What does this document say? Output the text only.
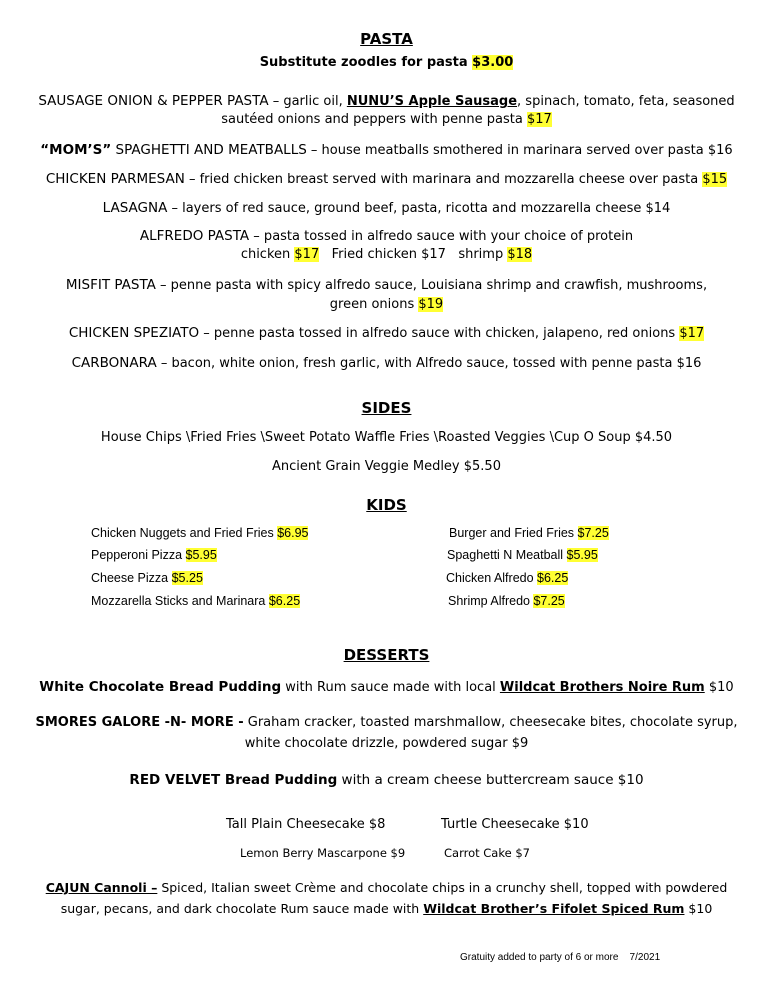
PASTA
Substitute zoodles for pasta $3.00
SAUSAGE ONION & PEPPER PASTA – garlic oil, NUNU’S Apple Sausage, spinach, tomato, feta, seasoned
sautéed onions and peppers with penne pasta $17
“MOM’S” SPAGHETTI AND MEATBALLS – house meatballs smothered in marinara served over pasta $16
CHICKEN PARMESAN – fried chicken breast served with marinara and mozzarella cheese over pasta $15
LASAGNA – layers of red sauce, ground beef, pasta, ricotta and mozzarella cheese $14
ALFREDO PASTA – pasta tossed in alfredo sauce with your choice of protein
chicken $17 Fried chicken $17 shrimp $18
MISFIT PASTA – penne pasta with spicy alfredo sauce, Louisiana shrimp and crawfish, mushrooms,
green onions $19
CHICKEN SPEZIATO – penne pasta tossed in alfredo sauce with chicken, jalapeno, red onions $17
CARBONARA – bacon, white onion, fresh garlic, with Alfredo sauce, tossed with penne pasta $16
SIDES
House Chips \Fried Fries \Sweet Potato Waffle Fries \Roasted Veggies \Cup O Soup $4.50
Ancient Grain Veggie Medley $5.50
KIDS
Chicken Nuggets and Fried Fries $6.95
Pepperoni Pizza $5.95
Cheese Pizza $5.25
Mozzarella Sticks and Marinara $6.25
Burger and Fried Fries $7.25
Spaghetti N Meatball $5.95
Chicken Alfredo $6.25
Shrimp Alfredo $7.25
DESSERTS
White Chocolate Bread Pudding with Rum sauce made with local Wildcat Brothers Noire Rum $10
SMORES GALORE -N- MORE - Graham cracker, toasted marshmallow, cheesecake bites, chocolate syrup,
white chocolate drizzle, powdered sugar $9
RED VELVET Bread Pudding with a cream cheese buttercream sauce $10
Tall Plain Cheesecake $8	Turtle Cheesecake $10
Lemon Berry Mascarpone $9	Carrot Cake $7
CAJUN Cannoli – Spiced, Italian sweet Crème and chocolate chips in a crunchy shell, topped with powdered
sugar, pecans, and dark chocolate Rum sauce made with Wildcat Brother’s Fifolet Spiced Rum $10
Gratuity added to party of 6 or more 7/2021
